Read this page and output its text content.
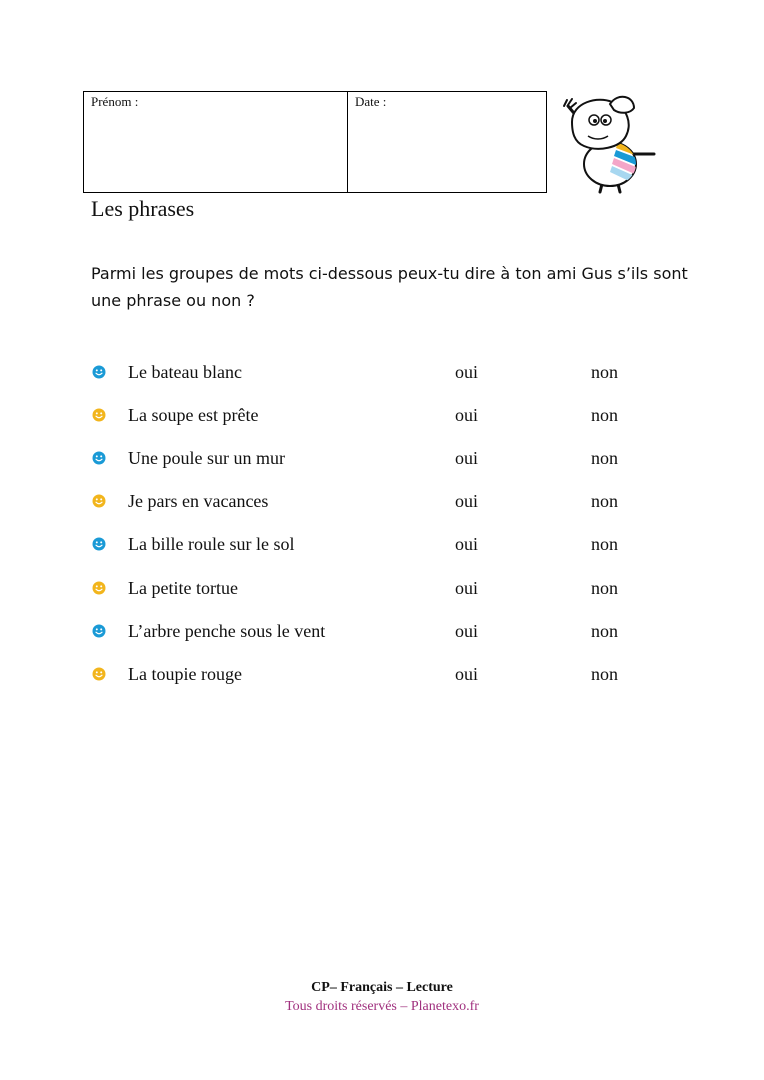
Prénom :	Date :
Les phrases
Parmi les groupes de mots ci-dessous peux-tu dire à ton ami Gus s’ils sont une phrase ou non ?
Le bateau blanc	oui	non
La soupe est prête	oui	non
Une poule sur un mur	oui	non
Je pars en vacances	oui	non
La bille roule sur le sol	oui	non
La petite tortue	oui	non
L’arbre penche sous le vent	oui	non
La toupie rouge	oui	non
CP– Français – Lecture
Tous droits réservés – Planetexo.fr
